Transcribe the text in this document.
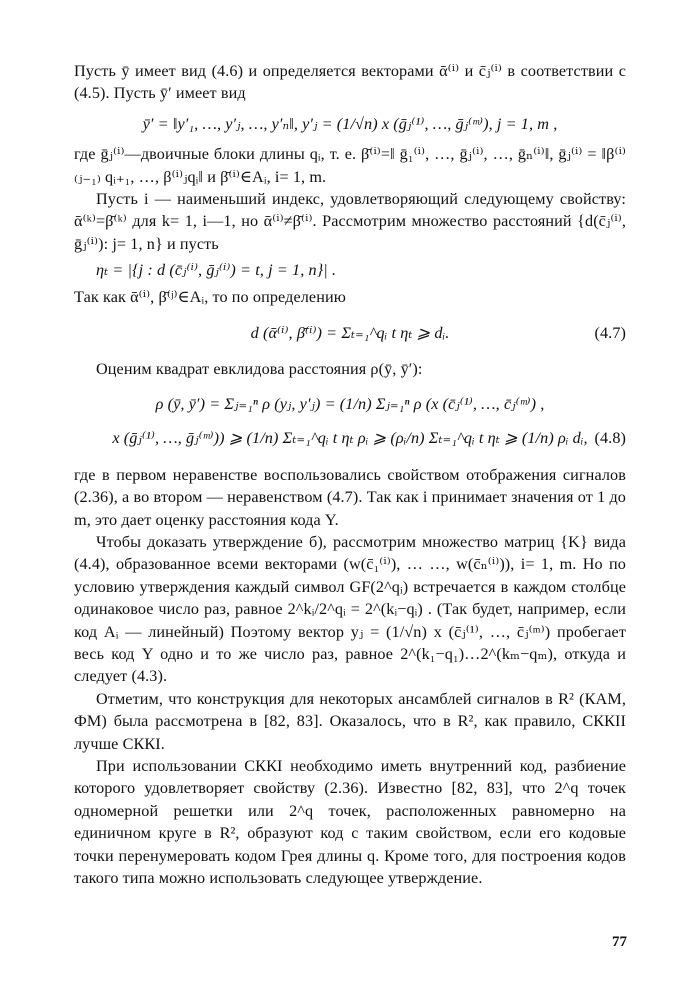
Пусть ȳ имеет вид (4.6) и определяется векторами ᾱ⁽ⁱ⁾ и c̄ⱼ⁽ⁱ⁾ в соответствии с (4.5). Пусть ȳ′ имеет вид

ȳ′ = ‖y′₁, …, y′ⱼ, …, y′ₙ‖, y′ⱼ = (1/√n) x (ḡⱼ⁽¹⁾, …, ḡⱼ⁽ᵐ⁾), j = 1, m ,

где ḡⱼ⁽ⁱ⁾—двоичные блоки длины qᵢ, т. е. β̄⁽ⁱ⁾=‖ ḡ₁⁽ⁱ⁾, …, ḡⱼ⁽ⁱ⁾, …, ḡₙ⁽ⁱ⁾‖, ḡⱼ⁽ⁱ⁾ = ‖β⁽ⁱ⁾₍ⱼ₋₁₎ qᵢ₊₁, …, β⁽ⁱ⁾ⱼqᵢ‖ и β̄⁽ⁱ⁾∈Aᵢ, i= 1, m.

Пусть i — наименьший индекс, удовлетворяющий следующему свойству: ᾱ⁽ᵏ⁾=β̄⁽ᵏ⁾ для k= 1, i—1, но ᾱ⁽ⁱ⁾≠β̄⁽ⁱ⁾. Рассмотрим множество расстояний {d(c̄ⱼ⁽ⁱ⁾, ḡⱼ⁽ⁱ⁾): j= 1, n} и пусть

ηₜ = |{j : d (c̄ⱼ⁽ⁱ⁾, ḡⱼ⁽ⁱ⁾) = t, j = 1, n}| .

Так как ᾱ⁽ⁱ⁾, β̄⁽ʲ⁾∈Aᵢ, то по определению

d (ᾱ⁽ⁱ⁾, β̄⁽ⁱ⁾) = Σₜ₌₁^qᵢ t ηₜ ⩾ dᵢ.	(4.7)

Оценим квадрат евклидова расстояния ρ(ȳ, ȳ′):

ρ (ȳ, ȳ′) = Σⱼ₌₁ⁿ ρ (yⱼ, y′ⱼ) = (1/n) Σⱼ₌₁ⁿ ρ (x (c̄ⱼ⁽¹⁾, …, c̄ⱼ⁽ᵐ⁾) ,
x (ḡⱼ⁽¹⁾, …, ḡⱼ⁽ᵐ⁾)) ⩾ (1/n) Σₜ₌₁^qᵢ t ηₜ ρᵢ ⩾ (ρᵢ/n) Σₜ₌₁^qᵢ t ηₜ ⩾ (1/n) ρᵢ dᵢ, (4.8)

где в первом неравенстве воспользовались свойством отображения сигналов (2.36), а во втором — неравенством (4.7). Так как i принимает значения от 1 до m, это дает оценку расстояния кода Y.

Чтобы доказать утверждение б), рассмотрим множество матриц {K} вида (4.4), образованное всеми векторами (w(c̄₁⁽ⁱ⁾), … …, w(c̄ₙ⁽ⁱ⁾)), i= 1, m. Но по условию утверждения каждый символ GF(2^qᵢ) встречается в каждом столбце одинаковое число раз, равное 2^kᵢ/2^qᵢ = 2^(kᵢ−qᵢ) . (Так будет, например, если код Aᵢ — линейный) Поэтому вектор yⱼ = (1/√n) x (c̄ⱼ⁽¹⁾, …, c̄ⱼ⁽ᵐ⁾) пробегает весь код Y одно и то же число раз, равное 2^(k₁−q₁)…2^(kₘ−qₘ), откуда и следует (4.3).

Отметим, что конструкция для некоторых ансамблей сигналов в R² (КАМ, ФМ) была рассмотрена в [82, 83]. Оказалось, что в R², как правило, СККII лучше СККI.

При использовании СККI необходимо иметь внутренний код, разбиение которого удовлетворяет свойству (2.36). Известно [82, 83], что 2^q точек одномерной решетки или 2^q точек, расположенных равномерно на единичном круге в R², образуют код с таким свойством, если его кодовые точки перенумеровать кодом Грея длины q. Кроме того, для построения кодов такого типа можно использовать следующее утверждение.

77
